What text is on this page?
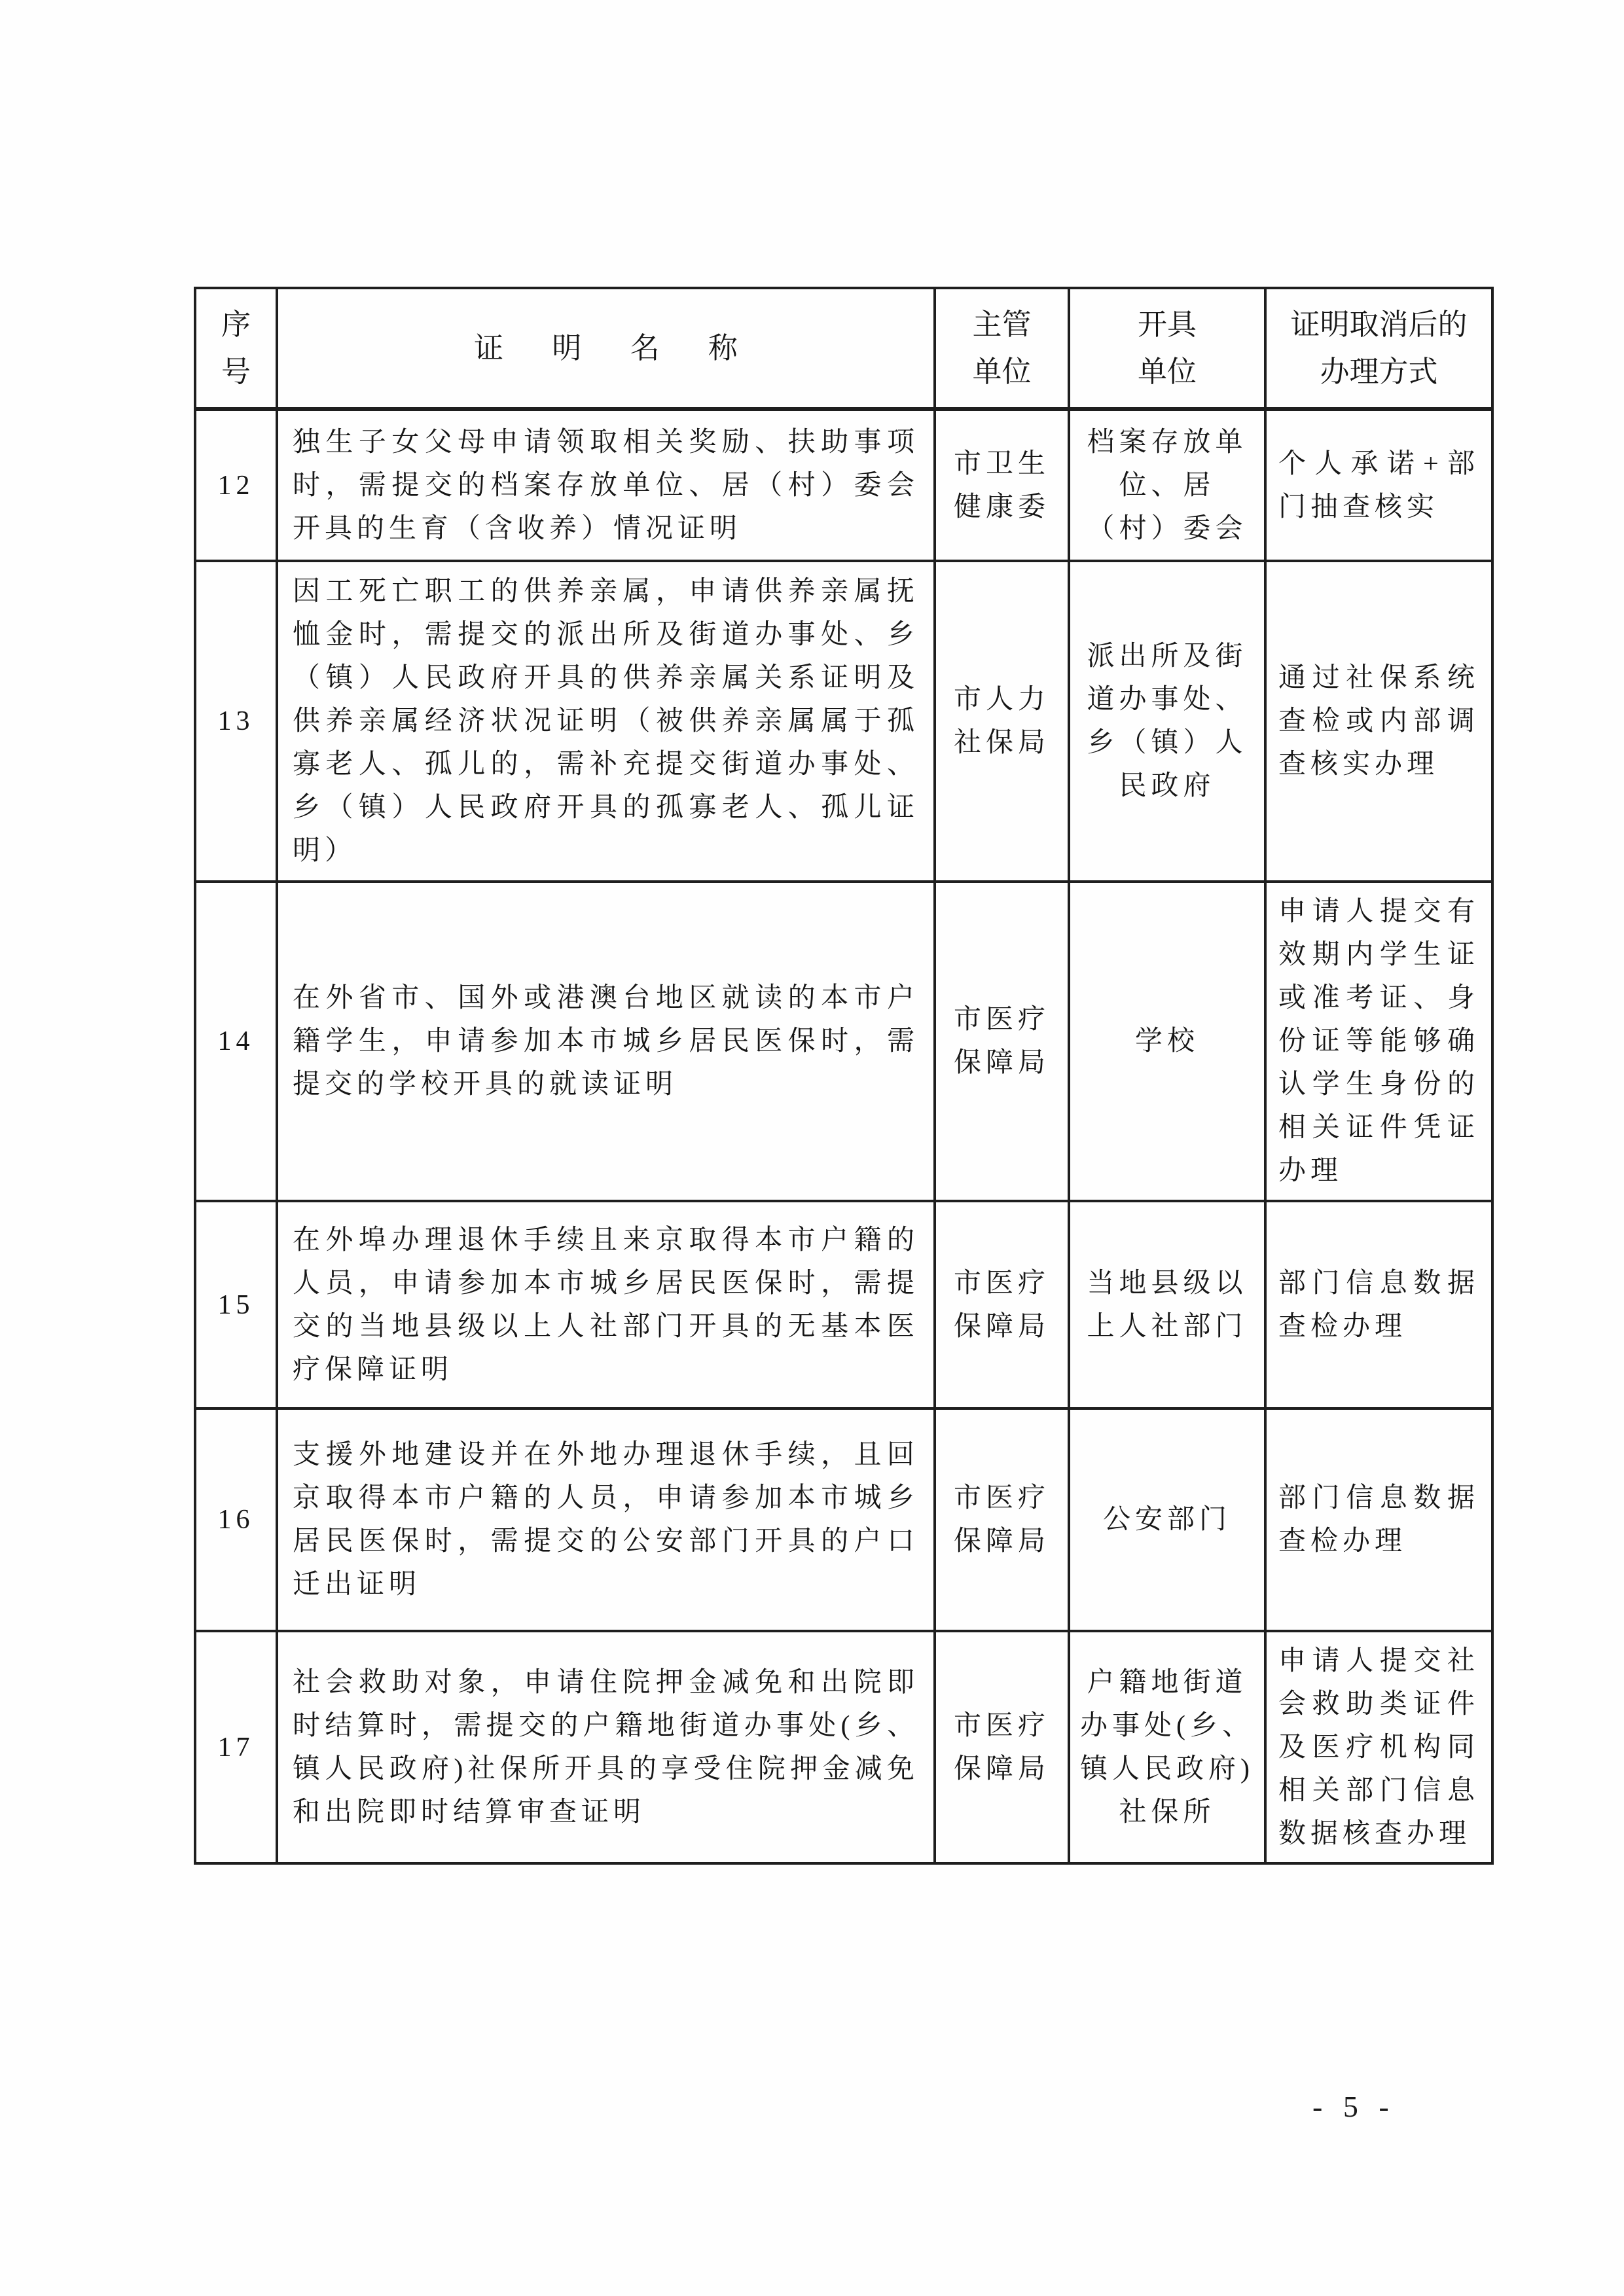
序号	证明名称	主管单位	开具单位	证明取消后的办理方式
12	独生子女父母申请领取相关奖励、扶助事项时，需提交的档案存放单位、居（村）委会开具的生育（含收养）情况证明	市卫生健康委	档案存放单位、居（村）委会	个人承诺+部门抽查核实
13	因工死亡职工的供养亲属，申请供养亲属抚恤金时，需提交的派出所及街道办事处、乡（镇）人民政府开具的供养亲属关系证明及供养亲属经济状况证明（被供养亲属属于孤寡老人、孤儿的，需补充提交街道办事处、乡（镇）人民政府开具的孤寡老人、孤儿证明）	市人力社保局	派出所及街道办事处、乡（镇）人民政府	通过社保系统查检或内部调查核实办理
14	在外省市、国外或港澳台地区就读的本市户籍学生，申请参加本市城乡居民医保时，需提交的学校开具的就读证明	市医疗保障局	学校	申请人提交有效期内学生证或准考证、身份证等能够确认学生身份的相关证件凭证办理
15	在外埠办理退休手续且来京取得本市户籍的人员，申请参加本市城乡居民医保时，需提交的当地县级以上人社部门开具的无基本医疗保障证明	市医疗保障局	当地县级以上人社部门	部门信息数据查检办理
16	支援外地建设并在外地办理退休手续，且回京取得本市户籍的人员，申请参加本市城乡居民医保时，需提交的公安部门开具的户口迁出证明	市医疗保障局	公安部门	部门信息数据查检办理
17	社会救助对象，申请住院押金减免和出院即时结算时，需提交的户籍地街道办事处(乡、镇人民政府)社保所开具的享受住院押金减免和出院即时结算审查证明	市医疗保障局	户籍地街道办事处(乡、镇人民政府)社保所	申请人提交社会救助类证件及医疗机构同相关部门信息数据核查办理
- 5 -
